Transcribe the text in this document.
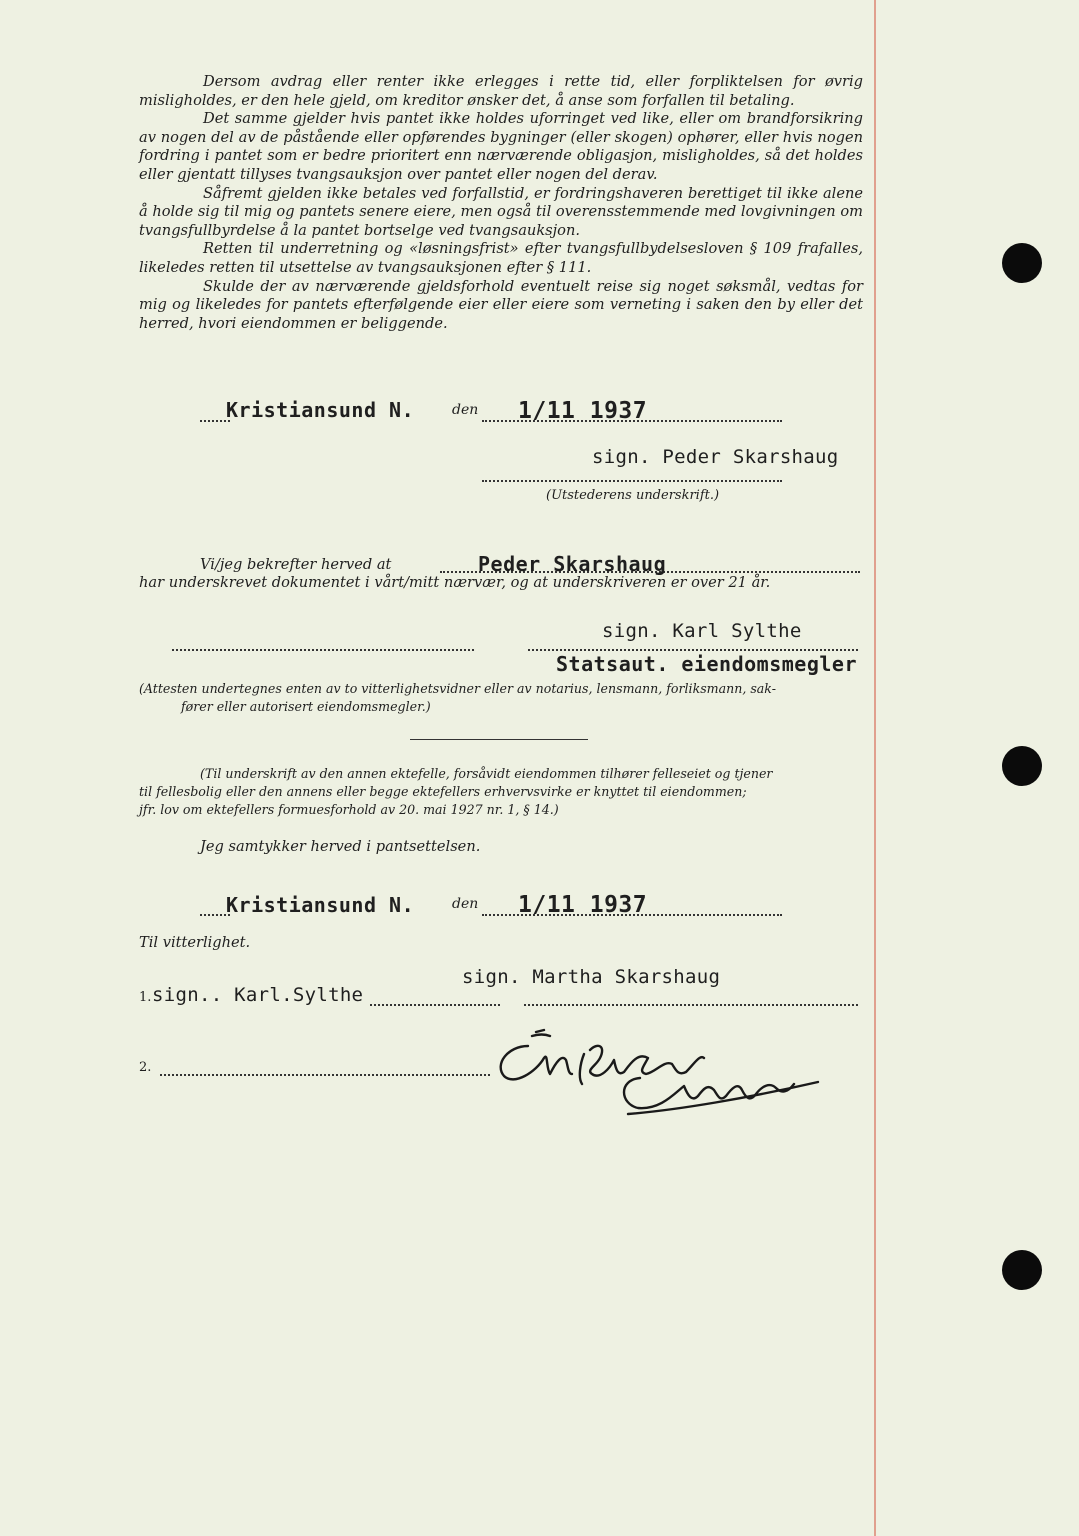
Dersom avdrag eller renter ikke erlegges i rette tid, eller forpliktelsen for øvrig misligholdes, er den hele gjeld, om kreditor ønsker det, å anse som forfallen til betaling.

Det samme gjelder hvis pantet ikke holdes uforringet ved like, eller om brandforsikring av nogen del av de påstående eller opførendes bygninger (eller skogen) ophører, eller hvis nogen fordring i pantet som er bedre prioritert enn nærværende obligasjon, misligholdes, så det holdes eller gjentatt tillyses tvangsauksjon over pantet eller nogen del derav.

Såfremt gjelden ikke betales ved forfallstid, er fordringshaveren berettiget til ikke alene å holde sig til mig og pantets senere eiere, men også til overensstemmende med lovgivningen om tvangsfullbyrdelse å la pantet bortselge ved tvangsauksjon.

Retten til underretning og «løsningsfrist» efter tvangsfullbydelsesloven § 109 frafalles, likeledes retten til utsettelse av tvangsauksjonen efter § 111.

Skulde der av nærværende gjeldsforhold eventuelt reise sig noget søksmål, vedtas for mig og likeledes for pantets efterfølgende eier eller eiere som verneting i saken den by eller det herred, hvori eiendommen er beliggende.

Kristiansund N.	den 1/11 1937
sign. Peder Skarshaug
(Utstederens underskrift.)
Vi/jeg bekrefter herved at	Peder Skarshaug
har underskrevet dokumentet i vårt/mitt nærvær, og at underskriveren er over 21 år.
sign. Karl Sylthe
Statsaut. eiendomsmegler
(Attesten undertegnes enten av to vitterlighetsvidner eller av notarius, lensmann, forliksmann, sak-
fører eller autorisert eiendomsmegler.)
(Til underskrift av den annen ektefelle, forsåvidt eiendommen tilhører felleseiet og tjener
til fellesbolig eller den annens eller begge ektefellers erhvervsvirke er knyttet til eiendommen;
jfr. lov om ektefellers formuesforhold av 20. mai 1927 nr. 1, § 14.)
Jeg samtykker herved i pantsettelsen.
Kristiansund N.	den 1/11 1937
Til vitterlighet.
sign. Martha Skarshaug
1. sign.. Karl.Sylthe
2.
